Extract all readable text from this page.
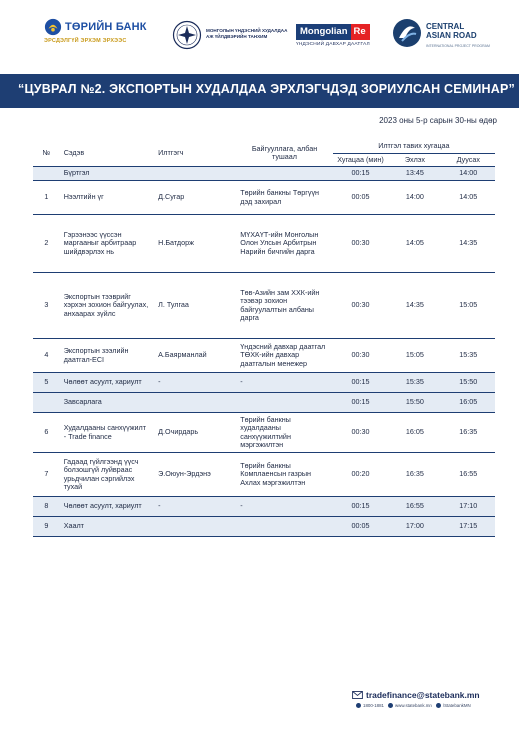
ТӨРИЙН БАНК
ЭРСДЭЛГҮЙ ЭРХЭМ ЭРХЭЭС
МОНГОЛЫН ҮНДЭСНИЙ ХУДАЛДАА АЖ ҮЙЛДВЭРИЙН ТАНХИМ	Mongolian Re
ҮНДЭСНИЙ ДАВХАР ДААТГАЛ
CENTRAL
ASIAN ROAD
INTERNATIONAL PROJECT PROGRAM
“ЦУВРАЛ №2. ЭКСПОРТЫН ХУДАЛДАА ЭРХЛЭГЧДЭД ЗОРИУЛСАН СЕМИНАР”
2023 оны 5-р сарын 30-ны өдөр
№	Сэдэв	Илтгэгч	Байгууллага, албан тушаал	Илтгэл тавих хугацаа		
				Хугацаа (мин)	Эхлэх	Дуусах
	Бүртгэл			00:15	13:45	14:00
1	Нээлтийн үг	Д.Сугар	Төрийн банкны Төргүүн дэд захирал	00:05	14:00	14:05
2	Гэрээнээс үүссэн маргааныг арбитраар шийдвэрлэх нь	Н.Батдорж	МҮХАҮТ-ийн Монголын Олон Улсын Арбитрын Нарийн бичгийн дарга	00:30	14:05	14:35
3	Экспортын тээврийг хэрхэн зохион байгуулах, анхаарах зүйлс	Л. Тулгаа	Төв-Азийн зам ХХК-ийн тээвэр зохион байгуулалтын албаны дарга	00:30	14:35	15:05
4	Экспортын зээлийн даатгал-ECI	А.Баярманлай	Үндэсний давхар даатгал ТӨХК-ийн давхар даатгалын менежер	00:30	15:05	15:35
5	Чөлөөт асуулт, хариулт	-	-	00:15	15:35	15:50
	Завсарлага			00:15	15:50	16:05
6	Худалдааны санхүүжилт - Trade finance	Д.Очирдарь	Төрийн банкны худалдааны санхүүжилтийн мэргэжилтэн	00:30	16:05	16:35
7	Гадаад гүйлгээнд үүсч болзошгүй луйврааc урьдчилан сэргийлэх тухай	Э.Оюун-Эрдэнэ	Төрийн банкны Комплаенсын газрын Ахлах мэргэжилтэн	00:20	16:35	16:55
8	Чөлөөт асуулт, хариулт	-	-	00:15	16:55	17:10
9	Хаалт			00:05	17:00	17:15
tradefinance@statebank.mn
1800-1881	www.statebank.mn	/StatebankMN
